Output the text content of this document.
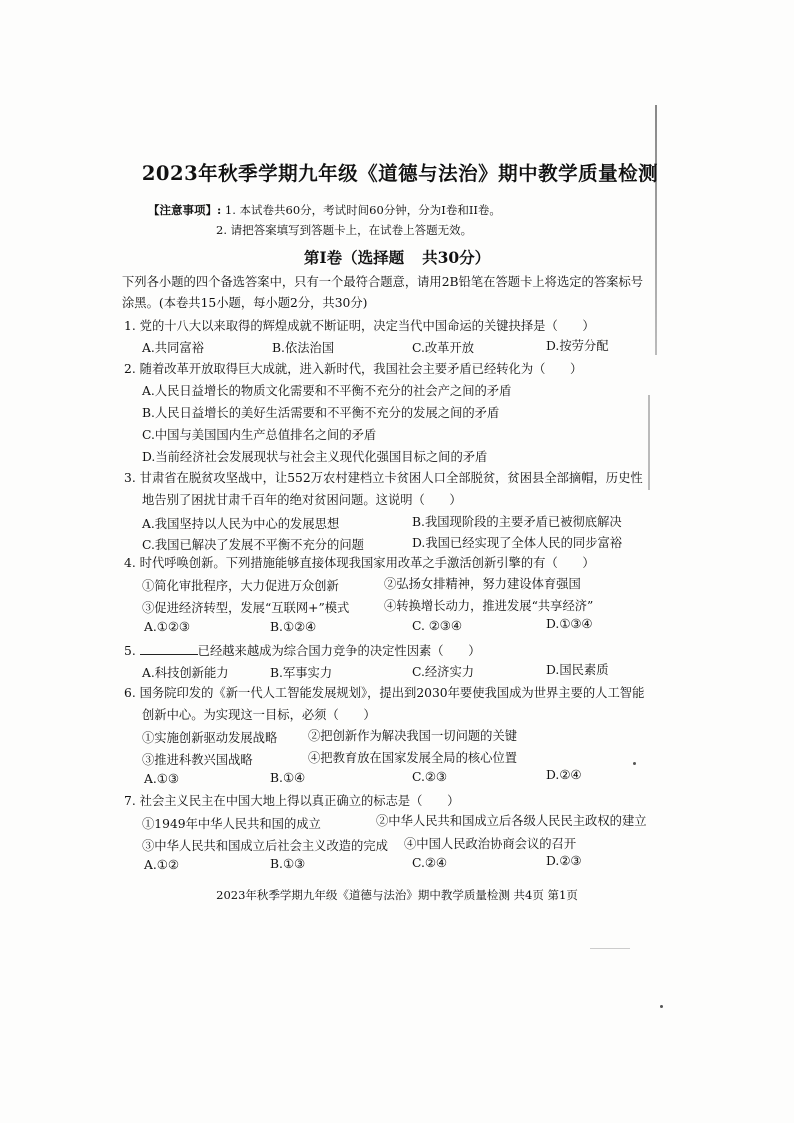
2023年秋季学期九年级《道德与法治》期中教学质量检测
【注意事项】: 1. 本试卷共60分，考试时间60分钟，分为I卷和II卷。
2. 请把答案填写到答题卡上，在试卷上答题无效。
第I卷（选择题 共30分）
下列各小题的四个备选答案中，只有一个最符合题意，请用2B铅笔在答题卡上将选定的答案标号
涂黑。(本卷共15小题，每小题2分，共30分)
1. 党的十八大以来取得的辉煌成就不断证明，决定当代中国命运的关键抉择是（　　）
A.共同富裕	B.依法治国	C.改革开放	D.按劳分配
2. 随着改革开放取得巨大成就，进入新时代，我国社会主要矛盾已经转化为（　　）
A.人民日益增长的物质文化需要和不平衡不充分的社会产之间的矛盾
B.人民日益增长的美好生活需要和不平衡不充分的发展之间的矛盾
C.中国与美国国内生产总值排名之间的矛盾
D.当前经济社会发展现状与社会主义现代化强国目标之间的矛盾
3. 甘肃省在脱贫攻坚战中，让552万农村建档立卡贫困人口全部脱贫，贫困县全部摘帽，历史性
地告别了困扰甘肃千百年的绝对贫困问题。这说明（　　）
A.我国坚持以人民为中心的发展思想	B.我国现阶段的主要矛盾已被彻底解决
C.我国已解决了发展不平衡不充分的问题	D.我国已经实现了全体人民的同步富裕
4. 时代呼唤创新。下列措施能够直接体现我国家用改革之手激活创新引擎的有（　　）
①简化审批程序，大力促进万众创新	②弘扬女排精神，努力建设体育强国
③促进经济转型，发展“互联网+”模式	④转换增长动力，推进发展“共享经济”
A.①②③	B.①②④	C. ②③④	D.①③④
5.	已经越来越成为综合国力竞争的决定性因素（　　）
A.科技创新能力	B.军事实力	C.经济实力	D.国民素质
6. 国务院印发的《新一代人工智能发展规划》，提出到2030年要使我国成为世界主要的人工智能
创新中心。为实现这一目标，必须（　　）
①实施创新驱动发展战略 ②把创新作为解决我国一切问题的关键
③推进科教兴国战略	④把教育放在国家发展全局的核心位置
A.①③	B.①④	C.②③	D.②④
7. 社会主义民主在中国大地上得以真正确立的标志是（　　）
①1949年中华人民共和国的成立	②中华人民共和国成立后各级人民民主政权的建立
③中华人民共和国成立后社会主义改造的完成 ④中国人民政治协商会议的召开
A.①②	B.①③	C.②④	D.②③
2023年秋季学期九年级《道德与法治》期中教学质量检测 共4页 第1页
